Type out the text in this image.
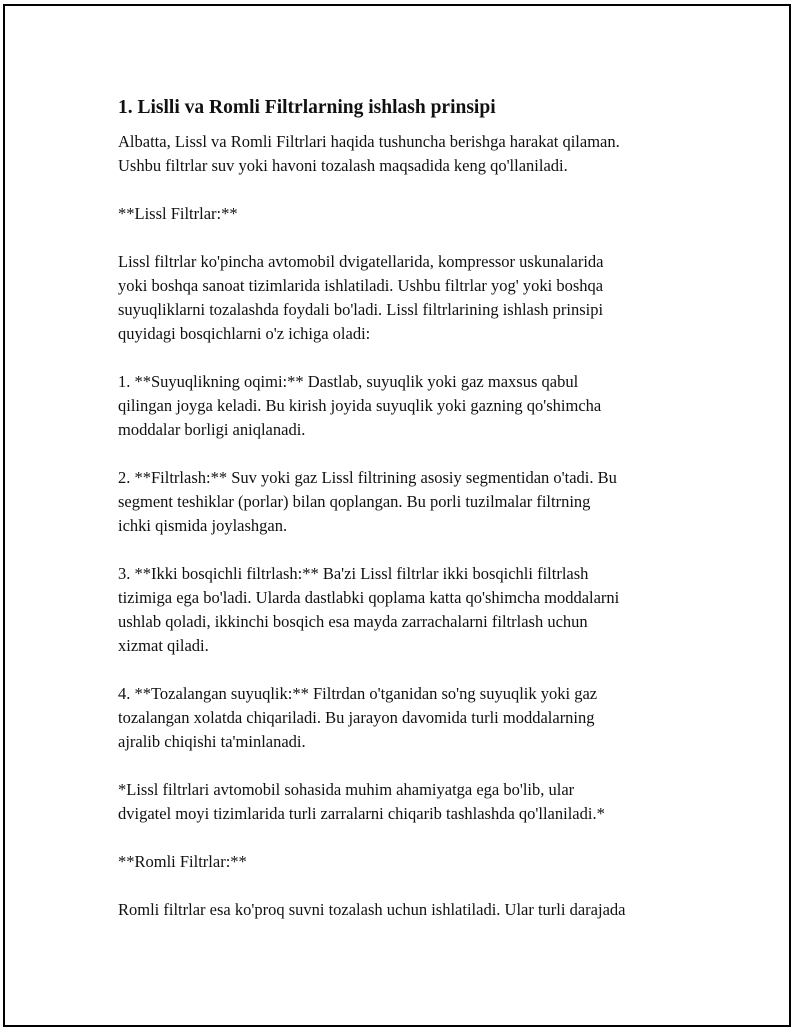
1. Lislli va Romli Filtrlarning ishlash prinsipi

Albatta, Lissl va Romli Filtrlari haqida tushuncha berishga harakat qilaman.
Ushbu filtrlar suv yoki havoni tozalash maqsadida keng qo'llaniladi.

**Lissl Filtrlar:**

Lissl filtrlar ko'pincha avtomobil dvigatellarida, kompressor uskunalarida
yoki boshqa sanoat tizimlarida ishlatiladi. Ushbu filtrlar yog' yoki boshqa
suyuqliklarni tozalashda foydali bo'ladi. Lissl filtrlarining ishlash prinsipi
quyidagi bosqichlarni o'z ichiga oladi:

1. **Suyuqlikning oqimi:** Dastlab, suyuqlik yoki gaz maxsus qabul
qilingan joyga keladi. Bu kirish joyida suyuqlik yoki gazning qo'shimcha
moddalar borligi aniqlanadi.

2. **Filtrlash:** Suv yoki gaz Lissl filtrining asosiy segmentidan o'tadi. Bu
segment teshiklar (porlar) bilan qoplangan. Bu porli tuzilmalar filtrning
ichki qismida joylashgan.

3. **Ikki bosqichli filtrlash:** Ba'zi Lissl filtrlar ikki bosqichli filtrlash
tizimiga ega bo'ladi. Ularda dastlabki qoplama katta qo'shimcha moddalarni
ushlab qoladi, ikkinchi bosqich esa mayda zarrachalarni filtrlash uchun
xizmat qiladi.

4. **Tozalangan suyuqlik:** Filtrdan o'tganidan so'ng suyuqlik yoki gaz
tozalangan xolatda chiqariladi. Bu jarayon davomida turli moddalarning
ajralib chiqishi ta'minlanadi.

*Lissl filtrlari avtomobil sohasida muhim ahamiyatga ega bo'lib, ular
dvigatel moyi tizimlarida turli zarralarni chiqarib tashlashda qo'llaniladi.*

**Romli Filtrlar:**

Romli filtrlar esa ko'proq suvni tozalash uchun ishlatiladi. Ular turli darajada
